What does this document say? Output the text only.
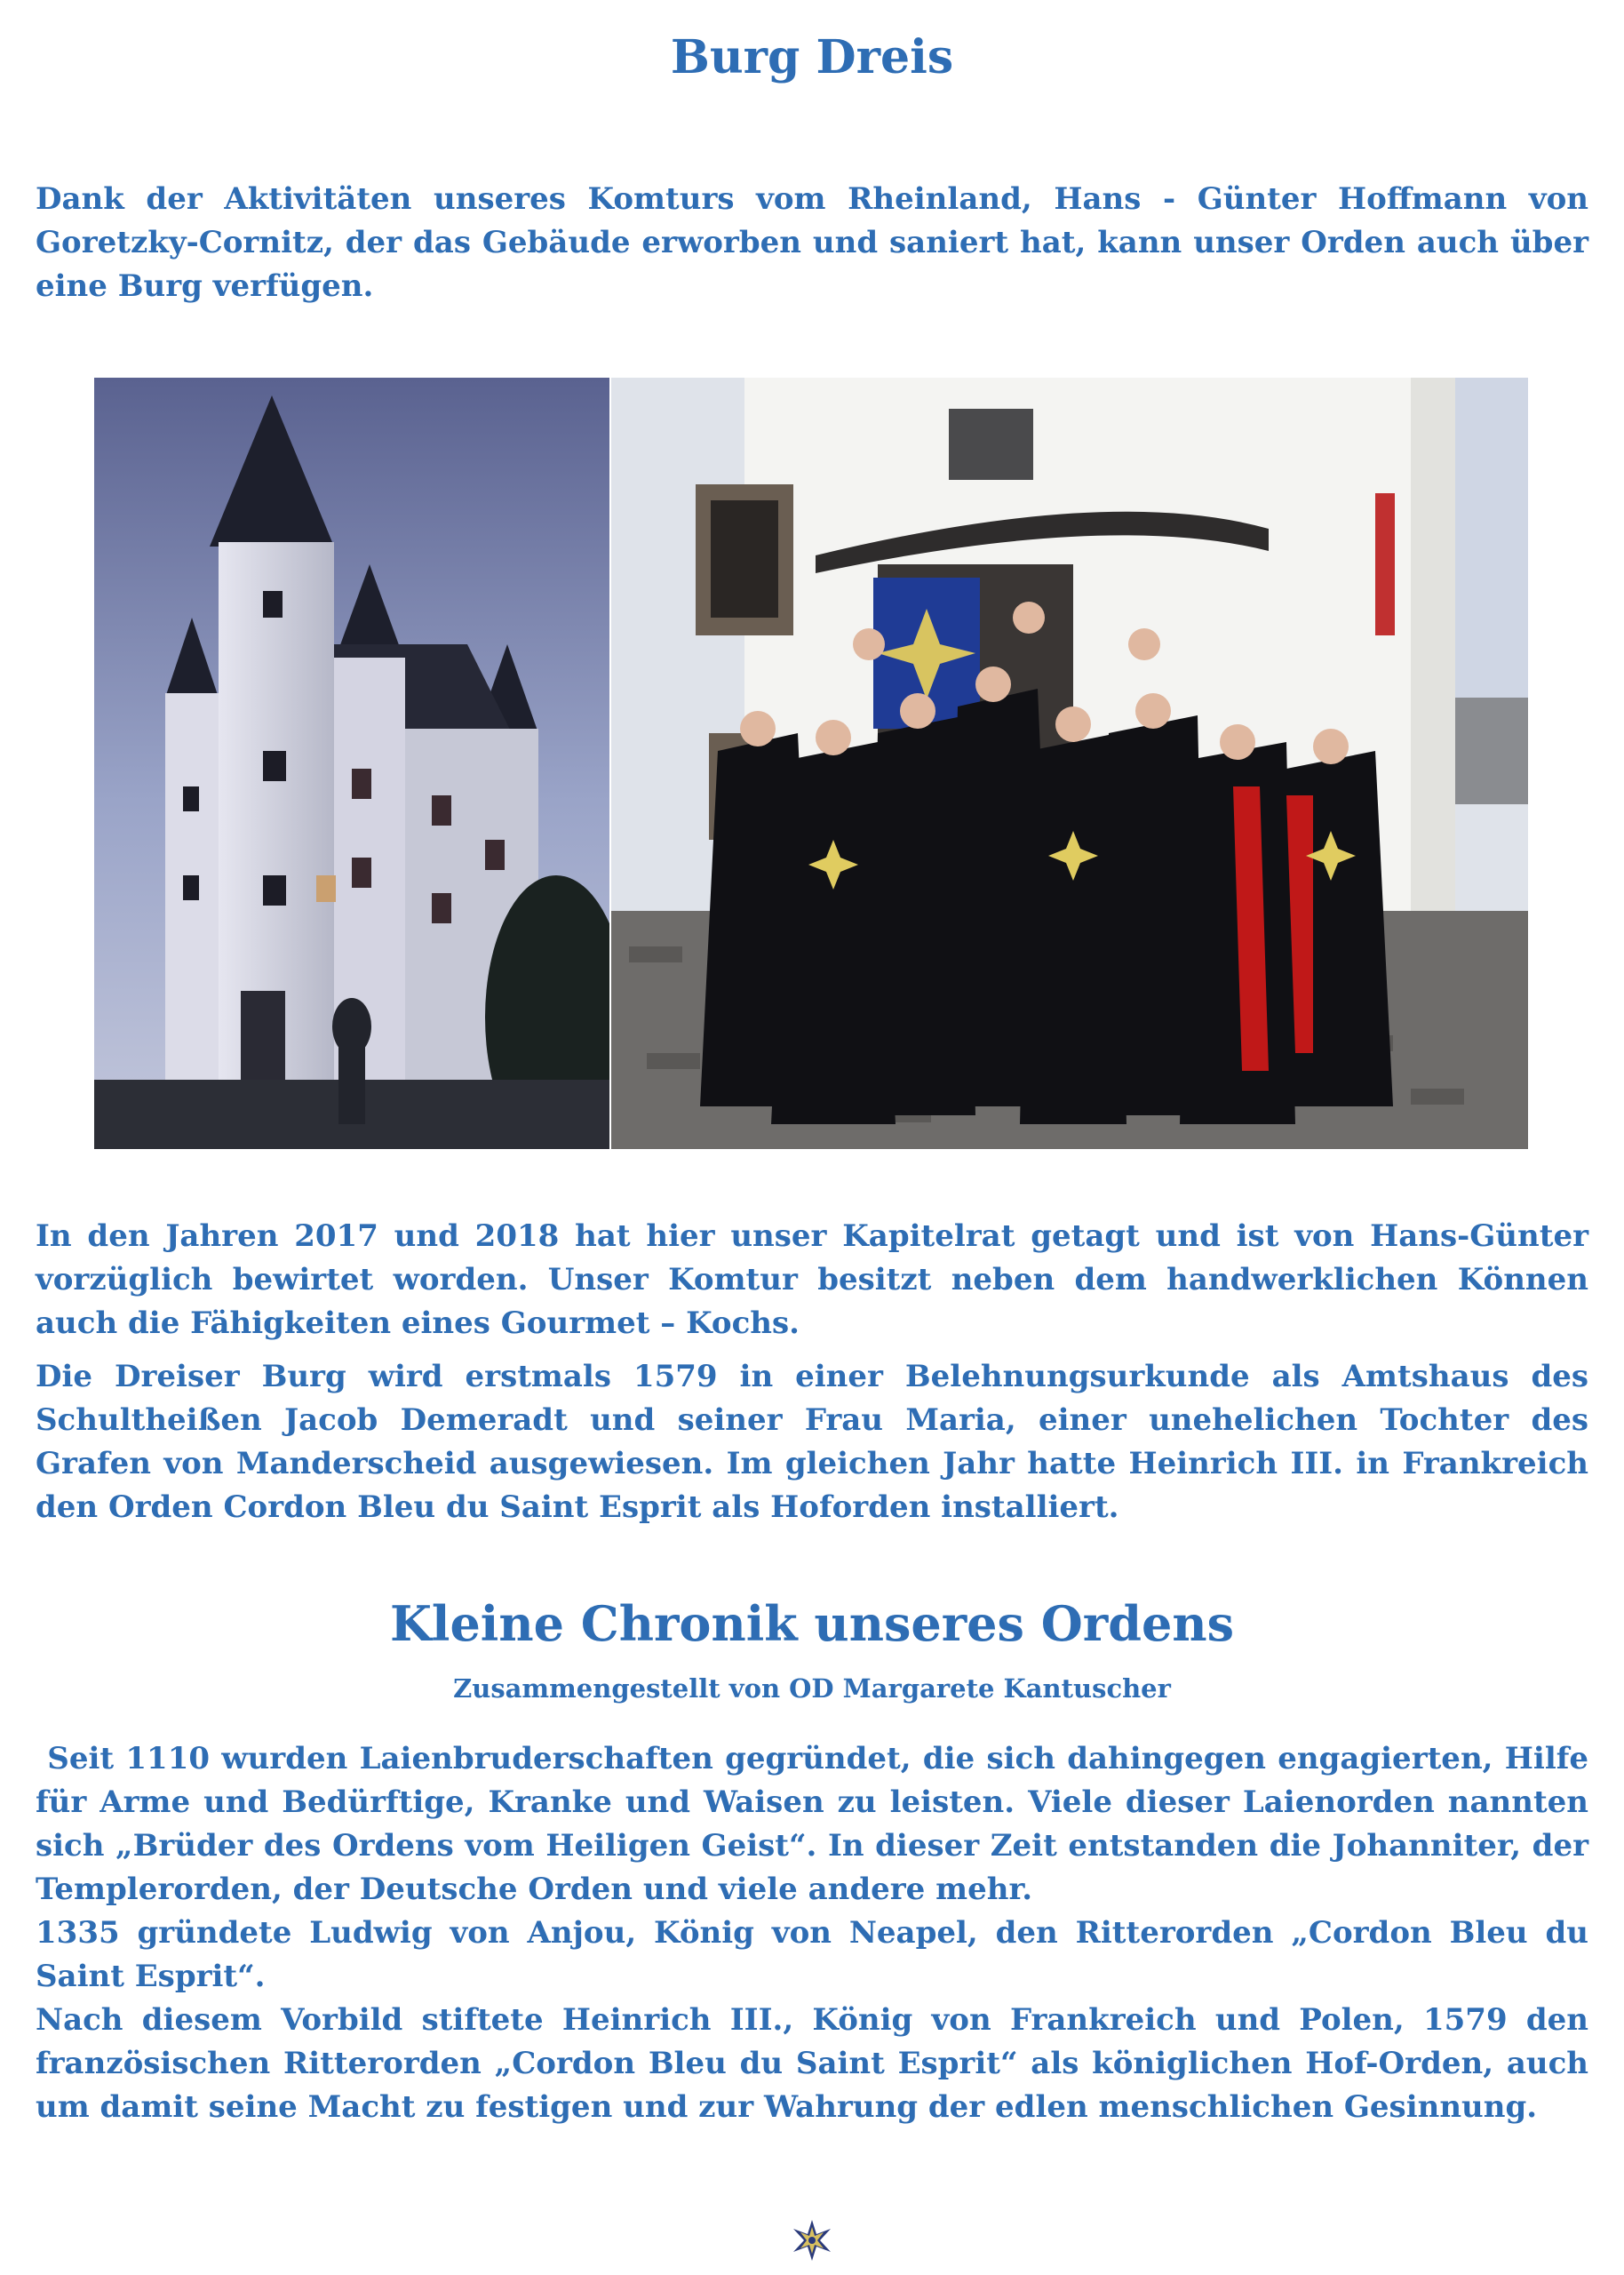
Burg Dreis

Dank der Aktivitäten unseres Komturs vom Rheinland, Hans - Günter Hoffmann von Goretzky-Cornitz, der das Gebäude erworben und saniert hat, kann unser Orden auch über eine Burg verfügen.

In den Jahren 2017 und 2018 hat hier unser Kapitelrat getagt und ist von Hans-Günter vorzüglich bewirtet worden. Unser Komtur besitzt neben dem handwerklichen Können auch die Fähigkeiten eines Gourmet – Kochs.

Die Dreiser Burg wird erstmals 1579 in einer Belehnungsurkunde als Amtshaus des Schultheißen Jacob Demeradt und seiner Frau Maria, einer unehelichen Tochter des Grafen von Manderscheid ausgewiesen. Im gleichen Jahr hatte Heinrich III. in Frankreich den Orden Cordon Bleu du Saint Esprit als Hoforden installiert.

Kleine Chronik unseres Ordens
Zusammengestellt von OD Margarete Kantuscher

Seit 1110 wurden Laienbruderschaften gegründet, die sich dahingegen engagierten, Hilfe für Arme und Bedürftige, Kranke und Waisen zu leisten. Viele dieser Laienorden nannten sich „Brüder des Ordens vom Heiligen Geist“. In dieser Zeit entstanden die Johanniter, der Templerorden, der Deutsche Orden und viele andere mehr.

1335 gründete Ludwig von Anjou, König von Neapel, den Ritterorden „Cordon Bleu du Saint Esprit“.

Nach diesem Vorbild stiftete Heinrich III., König von Frankreich und Polen, 1579 den französischen Ritterorden „Cordon Bleu du Saint Esprit“ als königlichen Hof-Orden, auch um damit seine Macht zu festigen und zur Wahrung der edlen menschlichen Gesinnung.
